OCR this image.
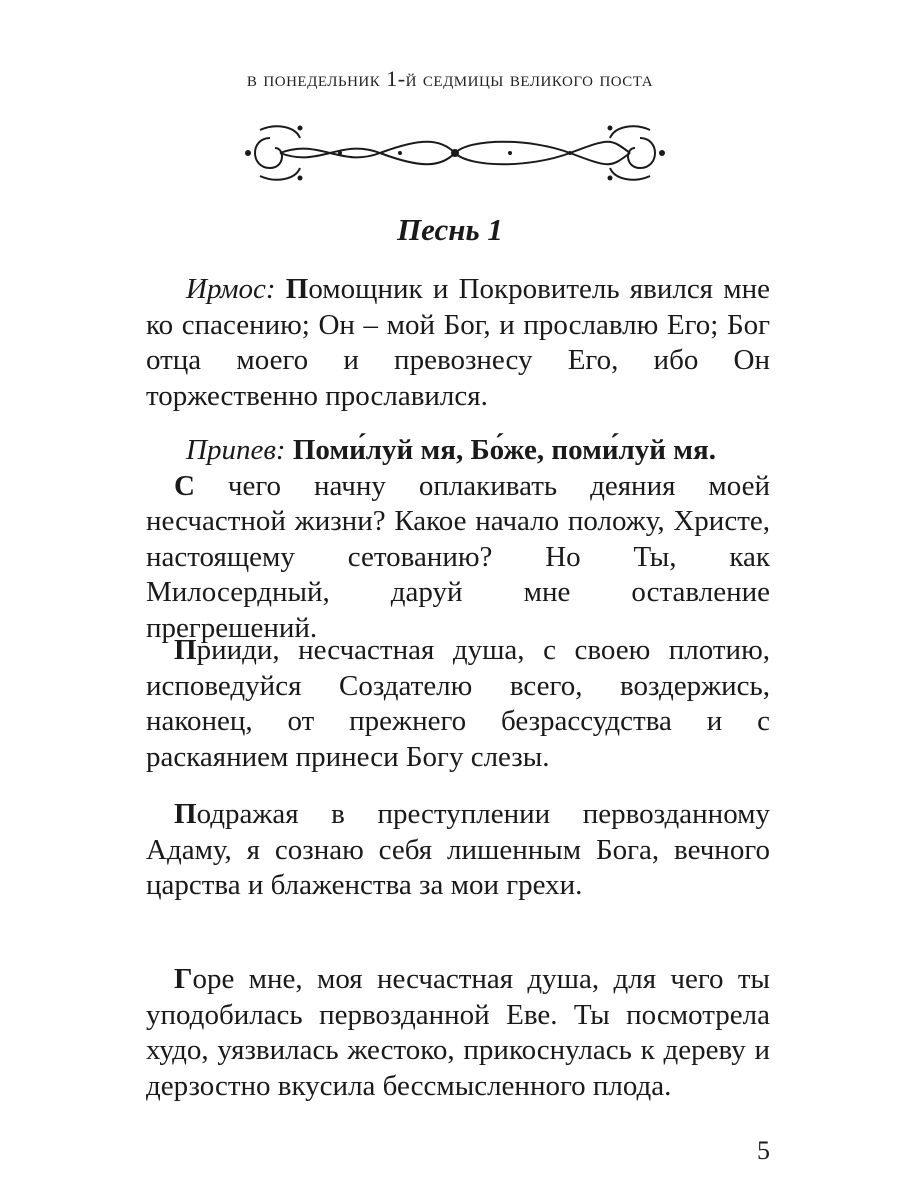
в понедельник 1-й седмицы великого поста
Песнь 1

Ирмос: Помощник и Покровитель явился мне ко спасению; Он – мой Бог, и прославлю Его; Бог отца моего и превознесу Его, ибо Он торжественно прославился.

Припев: Поми́луй мя, Бо́же, поми́луй мя.

С чего начну оплакивать деяния моей несчастной жизни? Какое начало положу, Христе, настоящему сетованию? Но Ты, как Милосердный, даруй мне оставление прегрешений.

Прииди, несчастная душа, с своею плотию, исповедуйся Создателю всего, воздержись, наконец, от прежнего безрассудства и с раскаянием принеси Богу слезы.

Подражая в преступлении первозданному Адаму, я сознаю себя лишенным Бога, вечного царства и блаженства за мои грехи.

Горе мне, моя несчастная душа, для чего ты уподобилась первозданной Еве. Ты посмотрела худо, уязвилась жестоко, прикоснулась к дереву и дерзостно вкусила бессмысленного плода.

5
